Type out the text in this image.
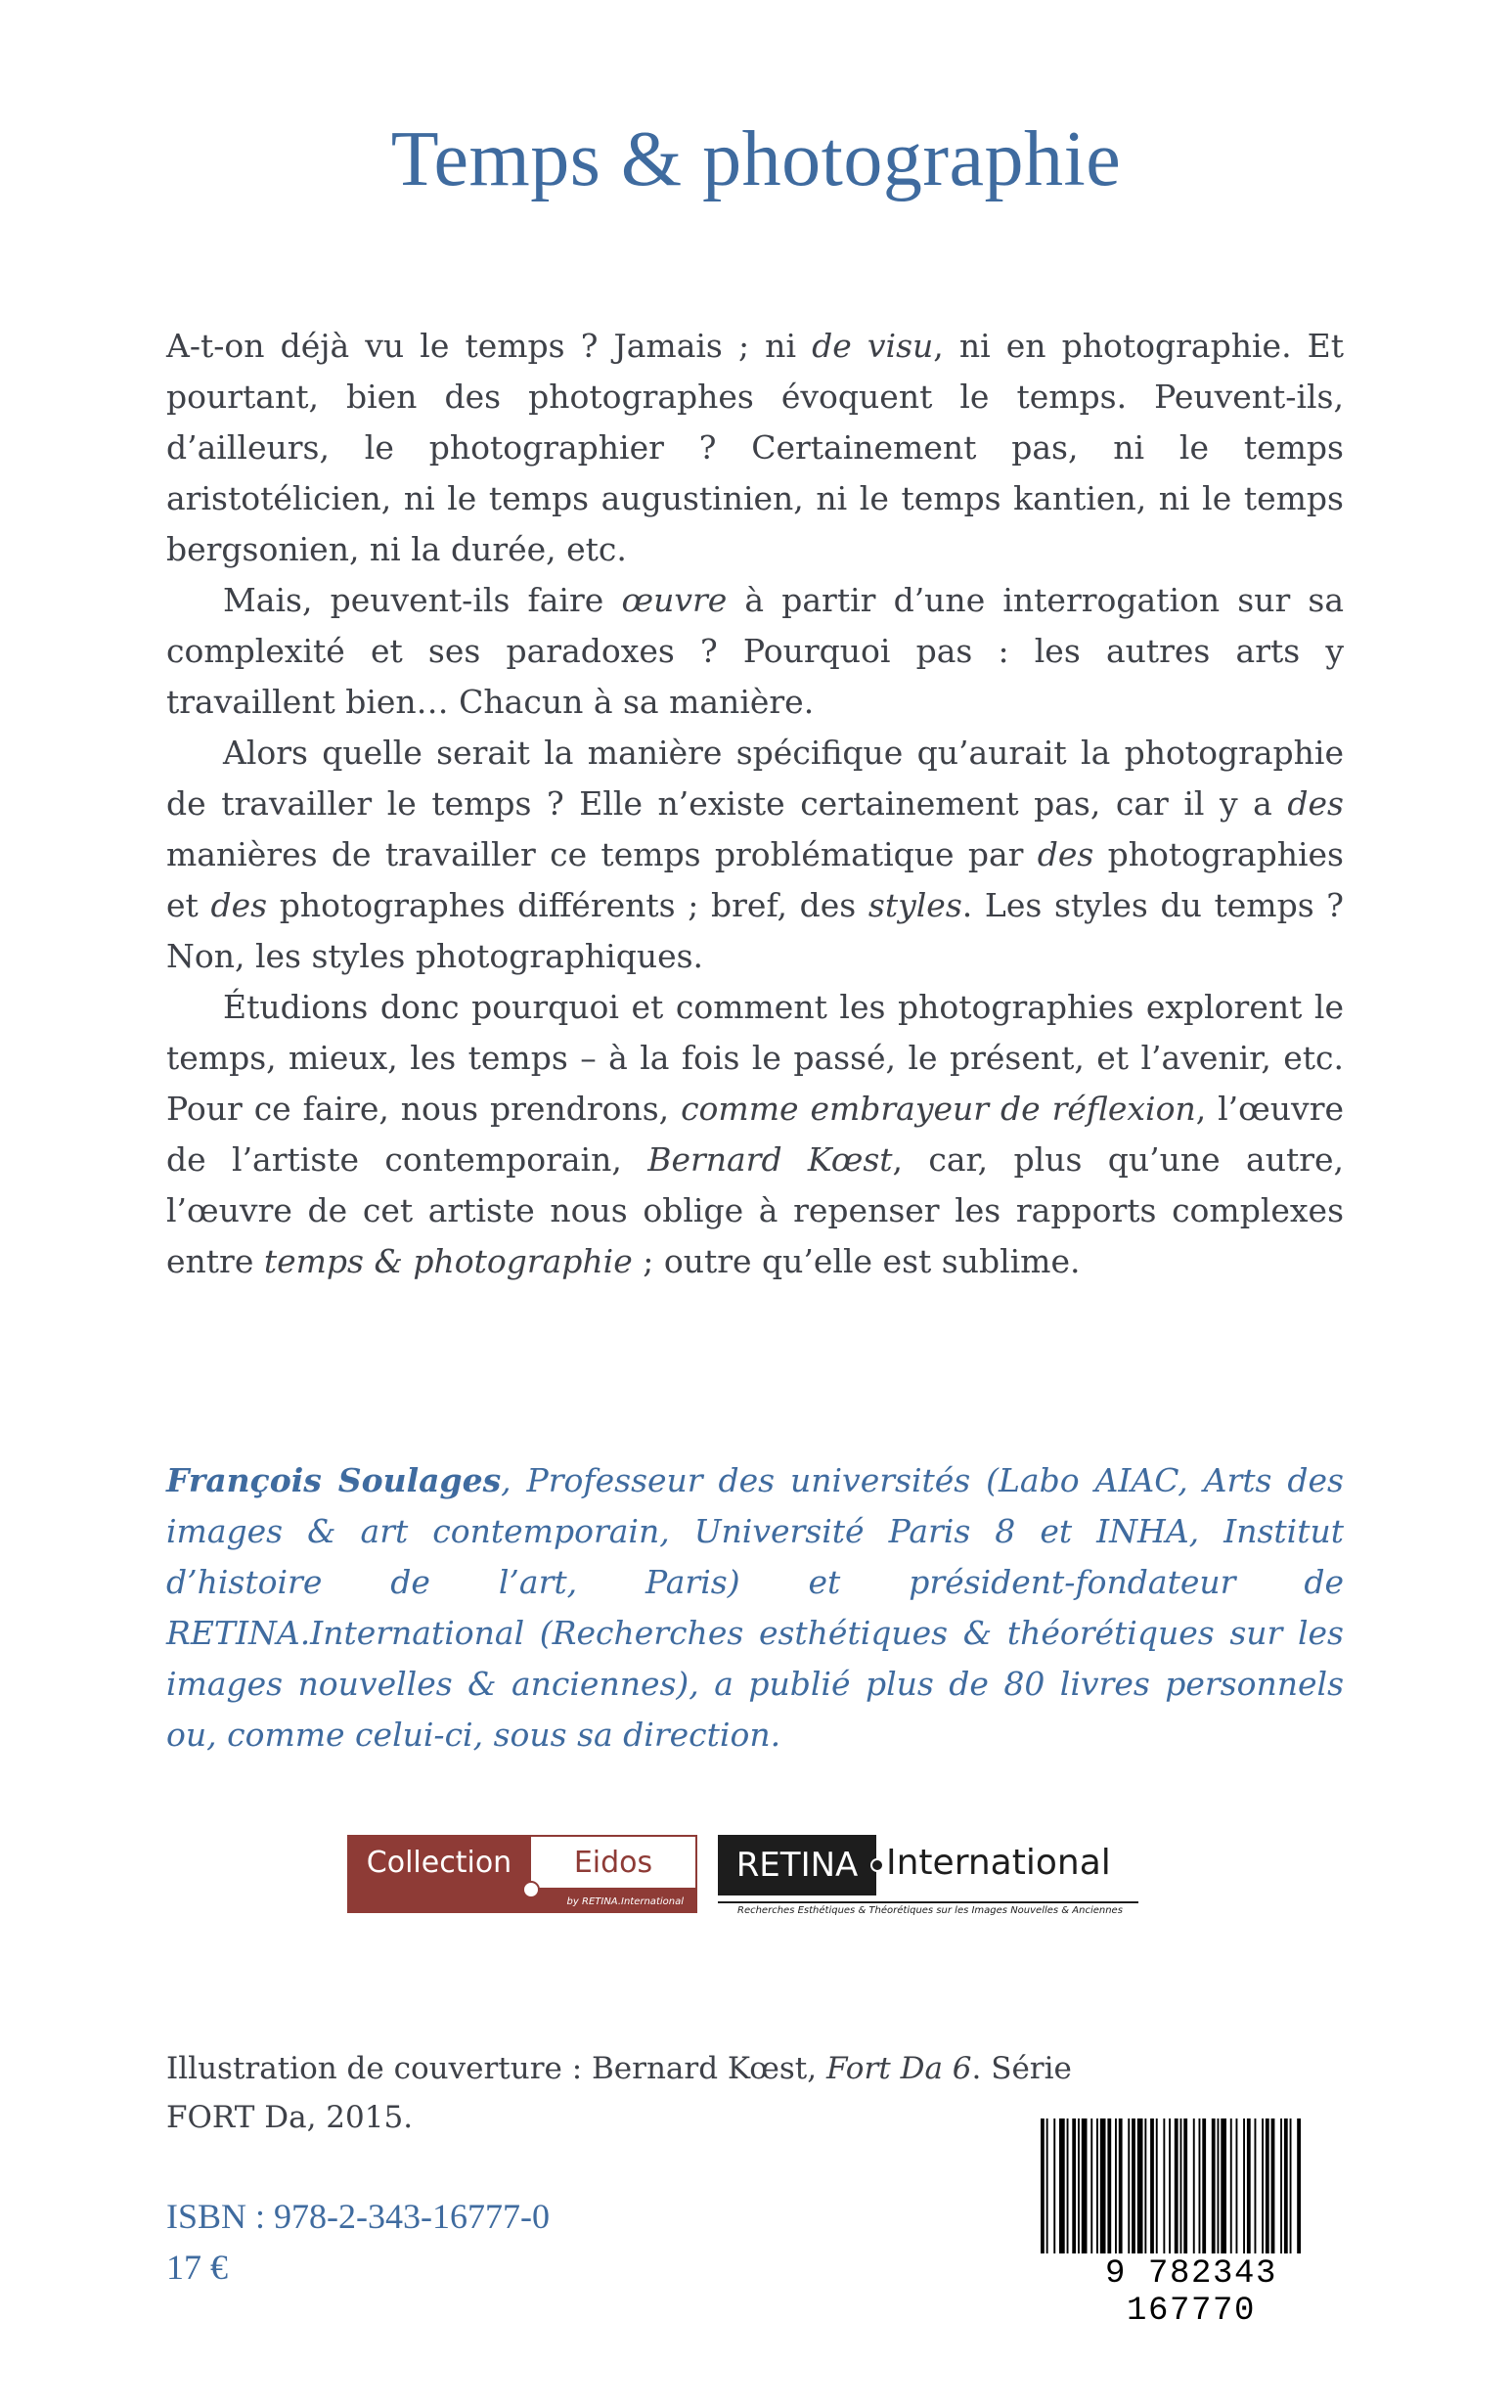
Temps & photographie

A-t-on déjà vu le temps ? Jamais ; ni de visu, ni en photographie. Et pourtant, bien des photographes évoquent le temps. Peuvent-ils, d’ailleurs, le photographier ? Certainement pas, ni le temps aristotélicien, ni le temps augustinien, ni le temps kantien, ni le temps bergsonien, ni la durée, etc.

Mais, peuvent-ils faire œuvre à partir d’une interrogation sur sa complexité et ses paradoxes ? Pourquoi pas : les autres arts y travaillent bien… Chacun à sa manière.

Alors quelle serait la manière spécifique qu’aurait la photographie de travailler le temps ? Elle n’existe certainement pas, car il y a des manières de travailler ce temps problématique par des photographies et des photographes différents ; bref, des styles. Les styles du temps ? Non, les styles photographiques.

Étudions donc pourquoi et comment les photographies explorent le temps, mieux, les temps – à la fois le passé, le présent, et l’avenir, etc. Pour ce faire, nous prendrons, comme embrayeur de réflexion, l’œuvre de l’artiste contemporain, Bernard Kœst, car, plus qu’une autre, l’œuvre de cet artiste nous oblige à repenser les rapports complexes entre temps & photographie ; outre qu’elle est sublime.

François Soulages, Professeur des universités (Labo AIAC, Arts des images & art contemporain, Université Paris 8 et INHA, Institut d’histoire de l’art, Paris) et président-fondateur de RETINA.International (Recherches esthétiques & théorétiques sur les images nouvelles & anciennes), a publié plus de 80 livres personnels ou, comme celui-ci, sous sa direction.
Collection	Eidos
by RETINA.International
RETINA International
Recherches Esthétiques & Théorétiques sur les Images Nouvelles & Anciennes
Illustration de couverture : Bernard Kœst, Fort Da 6. Série FORT Da, 2015.
ISBN : 978-2-343-16777-0
17 €	9 782343 167770
